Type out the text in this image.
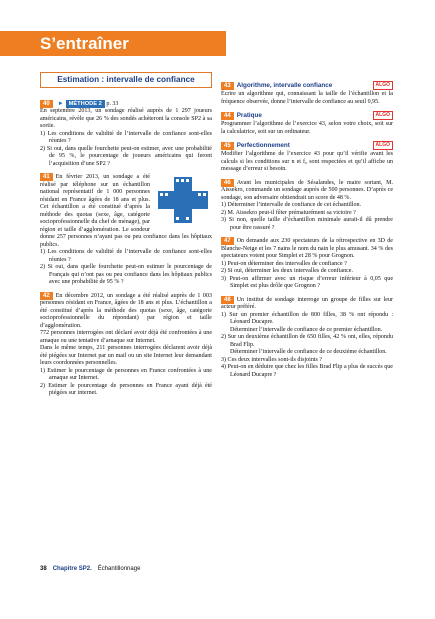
S’entraîner
Estimation : intervalle de confiance

40 ► MÉTHODE 2 p. 33

En septembre 2013, un sondage réalisé auprès de 1 297 joueurs américains, révèle que 26 % des sondés achèteront la console SP2 à sa sortie.

1) Les conditions de validité de l’intervalle de confiance sont-elles réunies ?

2) Si oui, dans quelle fourchette peut-on estimer, avec une probabilité de 95 %, le pourcentage de joueurs américains qui feront l’acquisition d’une SP2 ?

41 En février 2013, un sondage a été réalisé par téléphone sur un échantillon national représentatif de 1 000 personnes résidant en France âgées de 18 ans et plus. Cet échantillon a été constitué d’après la méthode des quotas (sexe, âge, catégorie socioprofessionnelle du chef de ménage), par région et taille d’agglomération. Le sondeur donne 257 personnes n’ayant pas ou peu confiance dans les hôpitaux publics.

1) Les conditions de validité de l’intervalle de confiance sont-elles réunies ?

2) Si oui, dans quelle fourchette peut-on estimer le pourcentage de Français qui n’ont pas ou peu confiance dans les hôpitaux publics avec une probabilité de 95 % ?

42 En décembre 2012, un sondage a été réalisé auprès de 1 003 personnes résidant en France, âgées de 18 ans et plus. L’échantillon a été constitué d’après la méthode des quotas (sexe, âge, catégorie socioprofessionnelle du répondant) par région et taille d’agglomération.

772 personnes interrogées ont déclaré avoir déjà été confrontées à une arnaque ou une tentative d’arnaque sur Internet.

Dans le même temps, 211 personnes interrogées déclarent avoir déjà été piégées sur Internet par un mail ou un site Internet leur demandant leurs coordonnées personnelles.

1) Estimer le pourcentage de personnes en France confrontées à une arnaque sur Internet.

2) Estimer le pourcentage de personnes en France ayant déjà été piégées sur internet.

43 Algorithme, intervalle confiance	ALGO

Écrire un algorithme qui, connaissant la taille de l’échantillon et la fréquence observée, donne l’intervalle de confiance au seuil 0,95.

44 Pratique	ALGO

Programmer l’algorithme de l’exercice 43, selon votre choix, soit sur la calculatrice, soit sur un ordinateur.

45 Perfectionnement	ALGO

Modifier l’algorithme de l’exercice 43 pour qu’il vérifie avant les calculs si les conditions sur n et f₀ sont respectées et qu’il affiche un message d’erreur si besoin.

46 Avant les municipales de Sésalandes, le maire sortant, M. Aissekro, commande un sondage auprès de 500 personnes. D’après ce sondage, son adversaire obtiendrait un score de 48 %.

1) Déterminer l’intervalle de confiance de cet échantillon.

2) M. Aissekro peut-il fêter prématurément sa victoire ?

3) Si non, quelle taille d’échantillon minimale aurait-il dû prendre pour être rassuré ?

47 On demande aux 230 spectateurs de la rétrospective en 3D de Blanche-Neige et les 7 nains le nom du nain le plus amusant. 34 % des spectateurs votent pour Simplet et 28 % pour Grognon.

1) Peut-on déterminer des intervalles de confiance ?

2) Si oui, déterminer les deux intervalles de confiance.

3) Peut-on affirmer avec un risque d’erreur inférieur à 0,05 que Simplet est plus drôle que Grognon ?

48 Un institut de sondage interroge un groupe de filles sur leur acteur préféré.

1) Sur un premier échantillon de 800 filles, 38 % ont répondu : Léonard Ducapre.

Déterminer l’intervalle de confiance de ce premier échantillon.

2) Sur un deuxième échantillon de 650 filles, 42 % ont, elles, répondu Brad Flip.

Déterminer l’intervalle de confiance de ce deuxième échantillon.

3) Ces deux intervalles sont-ils disjoints ?

4) Peut-on en déduire que chez les filles Brad Flip a plus de succès que Léonard Ducapre ?

38 Chapitre SP2. Échantillonnage
